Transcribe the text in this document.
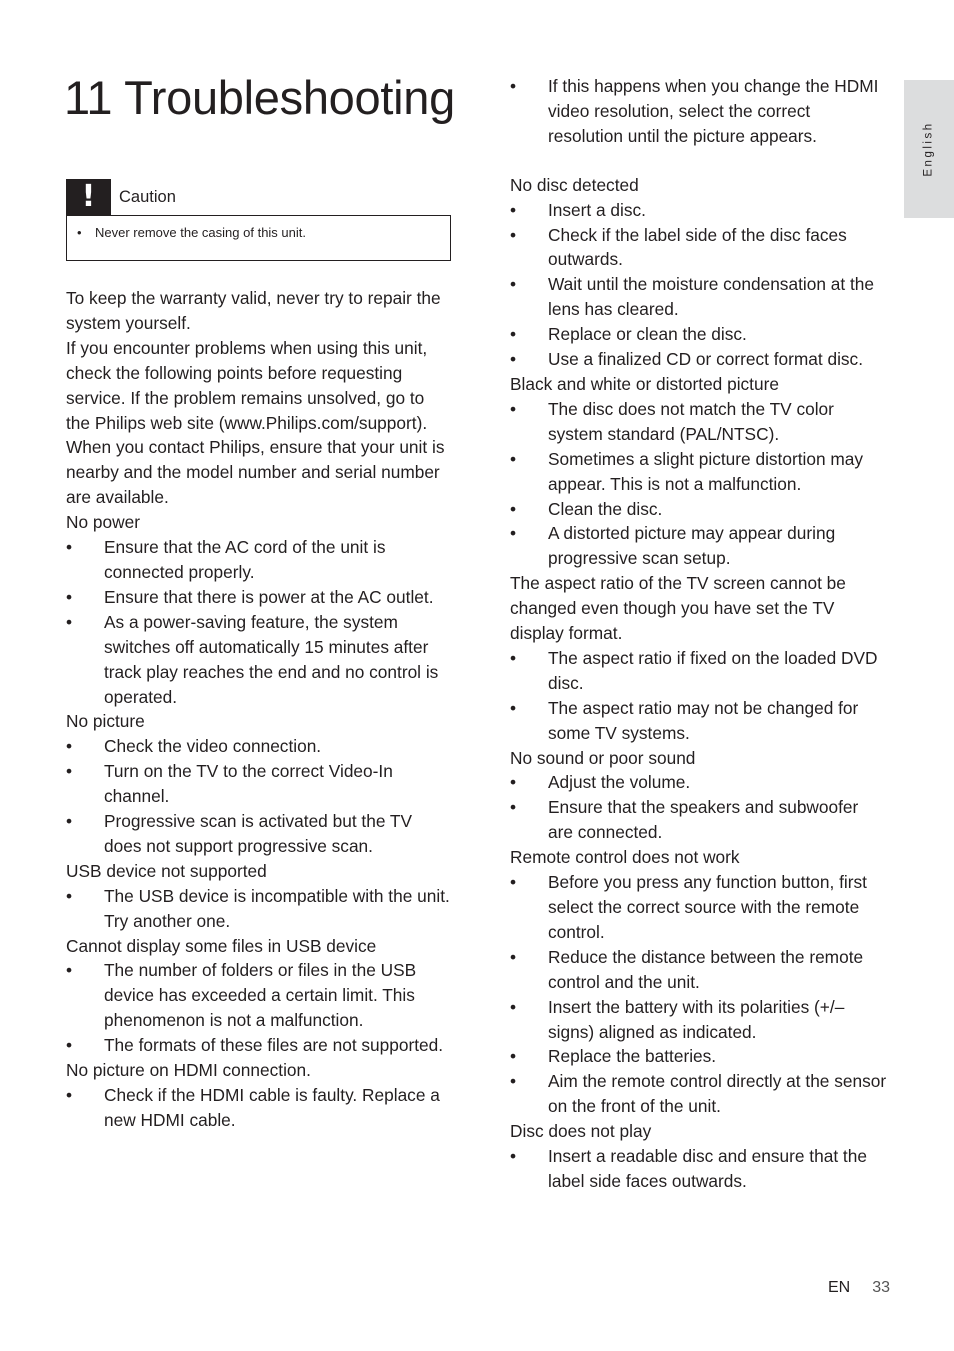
11 Troubleshooting
!	Caution
• Never remove the casing of this unit.

To keep the warranty valid, never try to repair the system yourself.

If you encounter problems when using this unit, check the following points before requesting service. If the problem remains unsolved, go to the Philips web site (www.Philips.com/support). When you contact Philips, ensure that your unit is nearby and the model number and serial number are available.

No power

• Ensure that the AC cord of the unit is connected properly.
• Ensure that there is power at the AC outlet.
• As a power-saving feature, the system switches off automatically 15 minutes after track play reaches the end and no control is operated.

No picture

• Check the video connection.
• Turn on the TV to the correct Video-In channel.
• Progressive scan is activated but the TV does not support progressive scan.

USB device not supported

• The USB device is incompatible with the unit. Try another one.

Cannot display some files in USB device

• The number of folders or files in the USB device has exceeded a certain limit. This phenomenon is not a malfunction.
• The formats of these files are not supported.

No picture on HDMI connection.

• Check if the HDMI cable is faulty. Replace a new HDMI cable.
• If this happens when you change the HDMI video resolution, select the correct resolution until the picture appears.

No disc detected

• Insert a disc.
• Check if the label side of the disc faces outwards.
• Wait until the moisture condensation at the lens has cleared.
• Replace or clean the disc.
• Use a finalized CD or correct format disc.

Black and white or distorted picture

• The disc does not match the TV color system standard (PAL/NTSC).
• Sometimes a slight picture distortion may appear. This is not a malfunction.
• Clean the disc.
• A distorted picture may appear during progressive scan setup.

The aspect ratio of the TV screen cannot be changed even though you have set the TV display format.

• The aspect ratio if fixed on the loaded DVD disc.
• The aspect ratio may not be changed for some TV systems.

No sound or poor sound

• Adjust the volume.
• Ensure that the speakers and subwoofer are connected.

Remote control does not work

• Before you press any function button, first select the correct source with the remote control.
• Reduce the distance between the remote control and the unit.
• Insert the battery with its polarities (+/– signs) aligned as indicated.
• Replace the batteries.
• Aim the remote control directly at the sensor on the front of the unit.

Disc does not play

• Insert a readable disc and ensure that the label side faces outwards.
English
EN 33
